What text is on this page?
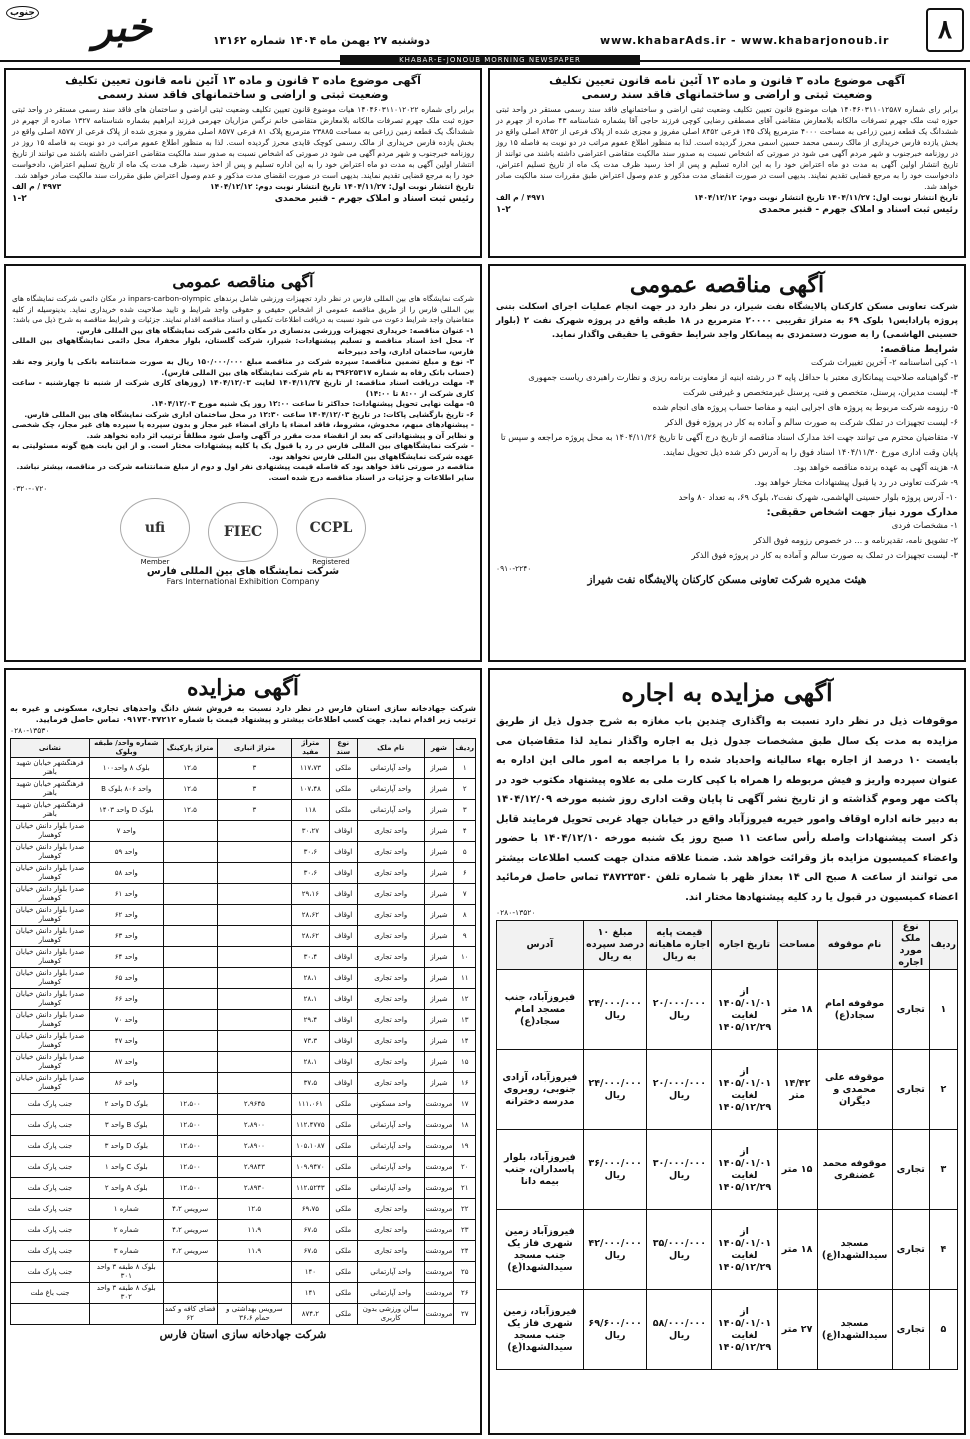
۸
www.khabarAds.ir - www.khabarjonoub.ir
دوشنبه ۲۷ بهمن ماه ۱۴۰۴ شماره ۱۳۱۶۲
خبر
جنوب
KHABAR-E-JONOUB MORNING NEWSPAPER
آگهی موضوع ماده ۳ قانون و ماده ۱۳ آئین نامه قانون تعیین تکلیف
وضعیت ثبتی و اراضی و ساختمانهای فاقد سند رسمی
برابر رای شماره ۱۴۰۴۶۰۳۱۱۰۱۲۵۸۷ هیات موضوع قانون تعیین تکلیف وضعیت ثبتی اراضی و ساختمانهای فاقد سند رسمی مستقر در واحد ثبتی حوزه ثبت ملک جهرم تصرفات مالکانه بلامعارض متقاضی آقای مصطفی رضایی کوچی فرزند حاجی آقا بشماره شناسنامه ۴۳ صادره از جهرم در ششدانگ یک قطعه زمین زراعی به مساحت ۴۰۰۰ مترمربع پلاک ۱۴۵ فرعی ۸۴۵۲ اصلی مفروز و مجزی شده از پلاک فرعی از ۸۴۵۲ اصلی واقع در بخش یازده فارس خریداری از مالک رسمی محمد حسین اسمی محرز گردیده است. لذا به منظور اطلاع عموم مراتب در دو نوبت به فاصله ۱۵ روز در روزنامه خبرجنوب و شهر مردم آگهی می شود در صورتی که اشخاص نسبت به صدور سند مالکیت متقاضی اعتراضی داشته باشند می توانند از تاریخ انتشار اولین آگهی به مدت دو ماه اعتراض خود را به این اداره تسلیم و پس از اخذ رسید ظرف مدت یک ماه از تاریخ تسلیم اعتراض، دادخواست خود را به مرجع قضایی تقدیم نمایند. بدیهی است در صورت انقضای مدت مذکور و عدم وصول اعتراض طبق مقررات سند مالکیت صادر خواهد شد.
تاریخ انتشار نوبت اول: ۱۴۰۴/۱۱/۲۷ تاریخ انتشار نوبت دوم: ۱۴۰۴/۱۲/۱۲
۴۹۷۱ / م الف
رئیس ثبت اسناد و املاک جهرم - قنبر محمدی
۱-۲
آگهی موضوع ماده ۳ قانون و ماده ۱۳ آئین نامه قانون تعیین تکلیف
وضعیت ثبتی و اراضی و ساختمانهای فاقد سند رسمی
برابر رای شماره ۱۴۰۴۶۰۳۱۱۰۱۲۰۲۲ هیات موضوع قانون تعیین تکلیف وضعیت ثبتی اراضی و ساختمان های فاقد سند رسمی مستقر در واحد ثبتی حوزه ثبت ملک جهرم تصرفات مالکانه بلامعارض متقاضی خانم نرگس مزاریان جهرمی فرزند ابراهیم بشماره شناسنامه ۱۳۲۷ صادره از جهرم در ششدانگ یک قطعه زمین زراعی به مساحت ۲۳۸۸۵ مترمربع پلاک ۸۱ فرعی ۸۵۷۷ اصلی مفروز و مجزی شده از پلاک فرعی از ۸۵۷۷ اصلی واقع در بخش یازده فارس خریداری از مالک رسمی کوچک قایدی محرز گردیده است. لذا به منظور اطلاع عموم مراتب در دو نوبت به فاصله ۱۵ روز در روزنامه خبرجنوب و شهر مردم آگهی می شود در صورتی که اشخاص نسبت به صدور سند مالکیت متقاضی اعتراضی داشته باشند می توانند از تاریخ انتشار اولین آگهی به مدت دو ماه اعتراض خود را به این اداره تسلیم و پس از اخذ رسید، ظرف مدت یک ماه از تاریخ تسلیم اعتراض، دادخواست خود را به مرجع قضایی تقدیم نمایند. بدیهی است در صورت انقضای مدت مذکور و عدم وصول اعتراض طبق مقررات سند مالکیت صادر خواهد شد.
تاریخ انتشار نوبت اول: ۱۴۰۴/۱۱/۲۷ تاریخ انتشار نوبت دوم: ۱۴۰۴/۱۲/۱۲
۴۹۷۳ / م الف
رئیس ثبت اسناد و املاک جهرم - قنبر محمدی
۱-۲
آگهی مناقصه عمومی
شرکت تعاونی مسکن کارکنان پالایشگاه نفت شیراز، در نظر دارد در جهت انجام عملیات اجرای اسکلت بتنی پروژه پارادایس۱ بلوک ۶۹ به متراژ تقریبی ۲۰۰۰۰ مترمربع در ۱۸ طبقه واقع در پروژه شهرک نفت ۲ (بلوار حسینی الهاشمی) را به صورت دستمزدی به پیمانکار واجد شرایط حقوقی یا حقیقی واگذار نماید.
شرایط مناقصه:
۱- کپی اساسنامه ۲- آخرین تغییرات شرکت
۳- گواهینامه صلاحیت پیمانکاری معتبر با حداقل پایه ۳ در رشته ابنیه از معاونت برنامه ریزی و نظارت راهبردی ریاست جمهوری
۴- لیست مدیران، پرسنل، متخصص و فنی، پرسنل غیرمتخصص و غیرفنی شرکت
۵- رزومه شرکت مربوط به پروژه های اجرایی ابنیه و مفاصا حساب پروژه های انجام شده
۶- لیست تجهیزات در تملک شرکت به صورت سالم و آماده به کار در پروژه فوق الذکر
۷- متقاضیان محترم می توانند جهت اخذ مدارک اسناد مناقصه از تاریخ درج آگهی تا تاریخ ۱۴۰۴/۱۱/۲۶ به محل پروژه مراجعه و سپس تا پایان وقت اداری مورخ ۱۴۰۴/۱۱/۳۰ اسناد فوق را به آدرس ذکر شده ذیل تحویل نمایند.
۸- هزینه آگهی به عهده برنده مناقصه خواهد بود.
۹- شرکت تعاونی در رد یا قبول پیشنهادات مختار خواهد بود.
۱۰- آدرس پروژه بلوار حسینی الهاشمی، شهرک نفت۲، بلوک ۶۹، به تعداد ۸۰ واحد
مدارک مورد نیاز جهت اشخاص حقیقی:
۱- مشخصات فردی
۲- تشویق نامه، تقدیرنامه و ... در خصوص رزومه فوق الذکر
۳- لیست تجهیزات در تملک به صورت سالم و آماده به کار در پروژه فوق الذکر
۰۹۱۰-۲۲۴۰
هیئت مدیره شرکت تعاونی مسکن کارکنان پالایشگاه نفت شیراز
آگهی مناقصه عمومی
شرکت نمایشگاه های بین المللی فارس در نظر دارد تجهیزات ورزشی شامل برندهای inpars-carbon-olympic در مکان دائمی شرکت نمایشگاه های بین المللی فارس را از طریق مناقصه عمومی از اشخاص حقیقی و حقوقی واجد شرایط و تایید صلاحیت شده خریداری نماید. بدینوسیله از کلیه متقاضیان واجد شرایط دعوت می شود نسبت به دریافت اطلاعات تکمیلی و اسناد مناقصه اقدام نمایند. جزئیات و شرایط مناقصه به شرح ذیل می باشد:
۱- عنوان مناقصه: خریداری تجهیزات ورزشی بدنسازی در مکان دائمی شرکت نمایشگاه های بین المللی فارس.
۲- محل اخذ اسناد مناقصه و تسلیم پیشنهادات: شیراز، شرکت گلستان، بلوار مخفرا، محل دائمی نمایشگاههای بین المللی فارس، ساختمان اداری، واحد دبیرخانه
۳- نوع و مبلغ تضمین مناقصه: سپرده شرکت در مناقصه مبلغ ۱۵۰/۰۰۰/۰۰۰ ریال به صورت ضمانتنامه بانکی یا واریز وجه نقد (حساب بانک رفاه به شماره ۳۹۶۲۵۳۱۷ به نام شرکت نمایشگاه های بین المللی فارس).
۴- مهلت دریافت اسناد مناقصه: از تاریخ ۱۴۰۴/۱۱/۲۷ لغایت ۱۴۰۴/۱۲/۰۳ (روزهای کاری شرکت از شنبه تا چهارشنبه - ساعت کاری شرکت از ۸:۰۰ تا ۱۴:۰۰)
۵- مهلت نهایی تحویل پیشنهادات: حداکثر تا ساعت ۱۲:۰۰ روز یک شنبه مورخ ۱۴۰۴/۱۲/۰۳.
۶- تاریخ بازگشایی پاکات: در تاریخ ۱۴۰۴/۱۲/۰۳ ساعت ۱۲:۳۰ در محل ساختمان اداری شرکت نمایشگاه های بین المللی فارس.
- پیشنهادهای مبهم، مخدوش، مشروط، فاقد امضاء یا دارای امضاء غیر مجاز و بدون سپرده یا سپرده های غیر مجاز، چک شخصی و نظایر آن و پیشنهاداتی که بعد از انقضاء مدت مقرر در آگهی واصل شود مطلقاً ترتیب اثر داده نخواهد شد.
- شرکت نمایشگاههای بین المللی فارس در رد یا قبول یک یا کلیه پیشنهادات مختار است. و از این بابت هیچ گونه مسئولیتی به عهده شرکت نمایشگاههای بین المللی فارس نخواهد بود.
مناقصه در صورتی نافذ خواهد بود که فاصله قیمت پیشنهادی نفر اول و دوم از مبلغ ضمانتنامه شرکت در مناقصه، بیشتر نباشد.
سایر اطلاعات و جزئیات در اسناد مناقصه درج شده است.
۰۳۲۰-۰۷۲۰
CCPL
Registered
FIEC
ufi
Member
شرکت نمایشگاه های بین المللی فارس
Fars International Exhibition Company
آگهی مزایده
شرکت جهادخانه سازی استان فارس در نظر دارد نسبت به فروش شش دانگ واحدهای تجاری، مسکونی و غیره به ترتیب زیر اقدام نماید. جهت کسب اطلاعات بیشتر و پیشنهاد قیمت با شماره ۰۹۱۷۳۰۳۷۲۱۲ تماس حاصل فرمایید.
۰۲۸۰-۱۳۵۳۰
ردیف	شهر	نام ملک	نوع سند	متراژ مفید	متراژ انباری	متراژ پارکینگ	شماره واحد/ طبقه وبلوک	نشانی
۱	شیراز	واحد آپارتمانی	ملکی	۱۱۷،۷۳	۳	۱۲،۵	بلوک ۸ واحد۱۰۰	فرهنگشهر خیابان شهید باهنر
۲	شیراز	واحد آپارتمانی	ملکی	۱۰۷،۴۸	۳	۱۲،۵	واحد ۸۰۶ بلوک B	فرهنگشهر خیابان شهید باهنر
۳	شیراز	واحد آپارتمانی	ملکی	۱۱۸	۳	۱۲،۵	بلوک D واحد ۱۴۰۳	فرهنگشهر خیابان شهید باهنر
۴	شیراز	واحد تجاری	اوقاف	۳۰،۲۷			واحد ۷	صدرا بلوار دانش خیابان کوهسار
۵	شیراز	واحد تجاری	اوقاف	۳۰،۶			واحد ۵۹	صدرا بلوار دانش خیابان کوهسار
۶	شیراز	واحد تجاری	اوقاف	۳۰،۶			واحد ۵۸	صدرا بلوار دانش خیابان کوهسار
۷	شیراز	واحد تجاری	اوقاف	۲۹،۱۶			واحد ۶۱	صدرا بلوار دانش خیابان کوهسار
۸	شیراز	واحد تجاری	اوقاف	۲۸،۶۲			واحد ۶۲	صدرا بلوار دانش خیابان کوهسار
۹	شیراز	واحد تجاری	اوقاف	۲۸،۶۲			واحد ۶۳	صدرا بلوار دانش خیابان کوهسار
۱۰	شیراز	واحد تجاری	اوقاف	۳۰،۴			واحد ۶۴	صدرا بلوار دانش خیابان کوهسار
۱۱	شیراز	واحد تجاری	اوقاف	۲۸،۱			واحد ۶۵	صدرا بلوار دانش خیابان کوهسار
۱۲	شیراز	واحد تجاری	اوقاف	۲۸،۱			واحد ۶۶	صدرا بلوار دانش خیابان کوهسار
۱۳	شیراز	واحد تجاری	اوقاف	۲۹،۴			واحد ۷۰	صدرا بلوار دانش خیابان کوهسار
۱۴	شیراز	واحد تجاری	اوقاف	۷۳،۳			واحد ۴۷	صدرا بلوار دانش خیابان کوهسار
۱۵	شیراز	واحد تجاری	اوقاف	۲۸،۱			واحد ۸۷	صدرا بلوار دانش خیابان کوهسار
۱۶	شیراز	واحد تجاری	اوقاف	۳۷،۵			واحد ۸۶	صدرا بلوار دانش خیابان کوهسار
۱۷	مرودشت	واحد مسکونی	ملکی	۱۱۱،۰۶۱	۲،۹۶۴۵	۱۲،۵۰۰	بلوک D واحد ۲	جنب پارک ملت
۱۸	مرودشت	واحد آپارتمانی	ملکی	۱۱۲،۴۷۷۵	۲،۸۹۰۰	۱۲،۵۰۰	بلوک B واحد ۳	جنب پارک ملت
۱۹	مرودشت	واحد آپارتمانی	ملکی	۱۰۵،۱۰۸۷	۲،۸۹۰۰	۱۲،۵۰۰	بلوک D واحد ۳	جنب پارک ملت
۲۰	مرودشت	واحد آپارتمانی	ملکی	۱۰۹،۹۴۷۰	۲،۹۸۴۳	۱۲،۵۰۰	بلوک C واحد ۱	جنب پارک ملت
۲۱	مرودشت	واحد آپارتمانی	ملکی	۱۱۲،۵۲۴۳	۲،۸۹۳۰	۱۲،۵۰۰	بلوک A واحد ۲	جنب پارک ملت
۲۲	مرودشت	واحد تجاری	ملکی	۶۹،۷۵	۱۲،۵	سرویس ۴،۲	شماره ۱	جنب پارک ملت
۲۳	مرودشت	واحد تجاری	ملکی	۶۷،۵	۱۱،۹	سرویس ۴،۲	شماره ۲	جنب پارک ملت
۲۴	مرودشت	واحد تجاری	ملکی	۶۷،۵	۱۱،۹	سرویس ۴،۲	شماره ۳	جنب پارک ملت
۲۵	مرودشت	واحد آپارتمانی	ملکی	۱۴۰			بلوک ۸ طبقه ۳ واحد ۳۰۱	جنب پارک ملت
۲۶	مرودشت	واحد آپارتمانی	ملکی	۱۴۱			بلوک ۸ طبقه ۳ واحد ۳۰۲	جنب باغ ملت
۲۷	مرودشت	سالن ورزشی بدون کاربری	ملکی	۸۷۴،۲	سرویس بهداشتی و حمام ۳۶،۶	فضای کافه و کمد ۶۲		
شرکت جهادخانه سازی استان فارس
آگهی مزایده به اجاره
موقوفات ذیل در نظر دارد نسبت به واگذاری چندین باب مغازه به شرح جدول ذیل از طریق مزایده به مدت یک سال طبق مشخصات جدول ذیل به اجاره واگذار نماید لذا متقاضیان می بایست ۱۰ درصد از اجاره بهاء سالیانه واحدیاد شده را با مراجعه به امور مالی این اداره به عنوان سپرده واریز و فیش مربوطه را همراه با کپی کارت ملی به علاوه پیشنهاد مکتوب خود در پاکت مهر وموم گذاشته و از تاریخ نشر آگهی تا پایان وقت اداری روز شنبه مورخه ۱۴۰۴/۱۲/۰۹ به دبیر خانه اداره اوقاف وامور خیریه فیروزآباد واقع در خیابان جهاد غربی تحویل فرمایند قابل ذکر است پیشنهادات واصله رأس ساعت ۱۱ صبح روز یک شنبه مورخه ۱۴۰۴/۱۲/۱۰ با حضور واعضاء کمیسیون مزایده باز وقرائت خواهد شد. ضمنا علاقه مندان جهت کسب اطلاعات بیشتر می توانند از ساعت ۸ صبح الی ۱۴ بعداز ظهر با شماره تلفن ۳۸۷۲۳۵۳۰ تماس حاصل فرمائید اعضاء کمیسیون در قبول یا رد کلیه پیشنهادها مختار اند.
۰۲۸۰-۱۳۵۲۰
ردیف	نوع ملک مورد اجاره	نام موقوفه	مساحت	تاریخ اجاره	قیمت پایه اجاره ماهیانه به ریال	مبلغ ۱۰ درصد سپرده به ریال	آدرس
۱	تجاری	موقوفه امام سجاد(ع)	۱۸ متر	از ۱۴۰۵/۰۱/۰۱ لغایت ۱۴۰۵/۱۲/۲۹	۲۰/۰۰۰/۰۰۰ ریال	۲۴/۰۰۰/۰۰۰ ریال	فیروزآباد، جنب مسجد امام سجاد(ع)
۲	تجاری	موقوفه علی محمدی و دیگران	۱۴/۴۲ متر	از ۱۴۰۵/۰۱/۰۱ لغایت ۱۴۰۵/۱۲/۲۹	۲۰/۰۰۰/۰۰۰ ریال	۲۴/۰۰۰/۰۰۰ ریال	فیروزآباد، آزادی جنوبی، روبروی مدرسه دخترانه
۳	تجاری	موقوفه محمد غضنفری	۱۵ متر	از ۱۴۰۵/۰۱/۰۱ لغایت ۱۴۰۵/۱۲/۲۹	۳۰/۰۰۰/۰۰۰ ریال	۳۶/۰۰۰/۰۰۰ ریال	فیروزآباد، بلوار پاسداران، جنب بیمه دانا
۴	تجاری	مسجد سیدالشهدا(ع)	۱۸ متر	از ۱۴۰۵/۰۱/۰۱ لغایت ۱۴۰۵/۱۲/۲۹	۳۵/۰۰۰/۰۰۰ ریال	۴۲/۰۰۰/۰۰۰ ریال	فیروزآباد زمین شهری فاز یک جنب مسجد سیدالشهدا(ع)
۵	تجاری	مسجد سیدالشهدا(ع)	۲۷ متر	از ۱۴۰۵/۰۱/۰۱ لغایت ۱۴۰۵/۱۲/۲۹	۵۸/۰۰۰/۰۰۰ ریال	۶۹/۶۰۰/۰۰۰ ریال	فیروزآباد، زمین شهری فاز یک جنب مسجد سیدالشهدا(ع)
